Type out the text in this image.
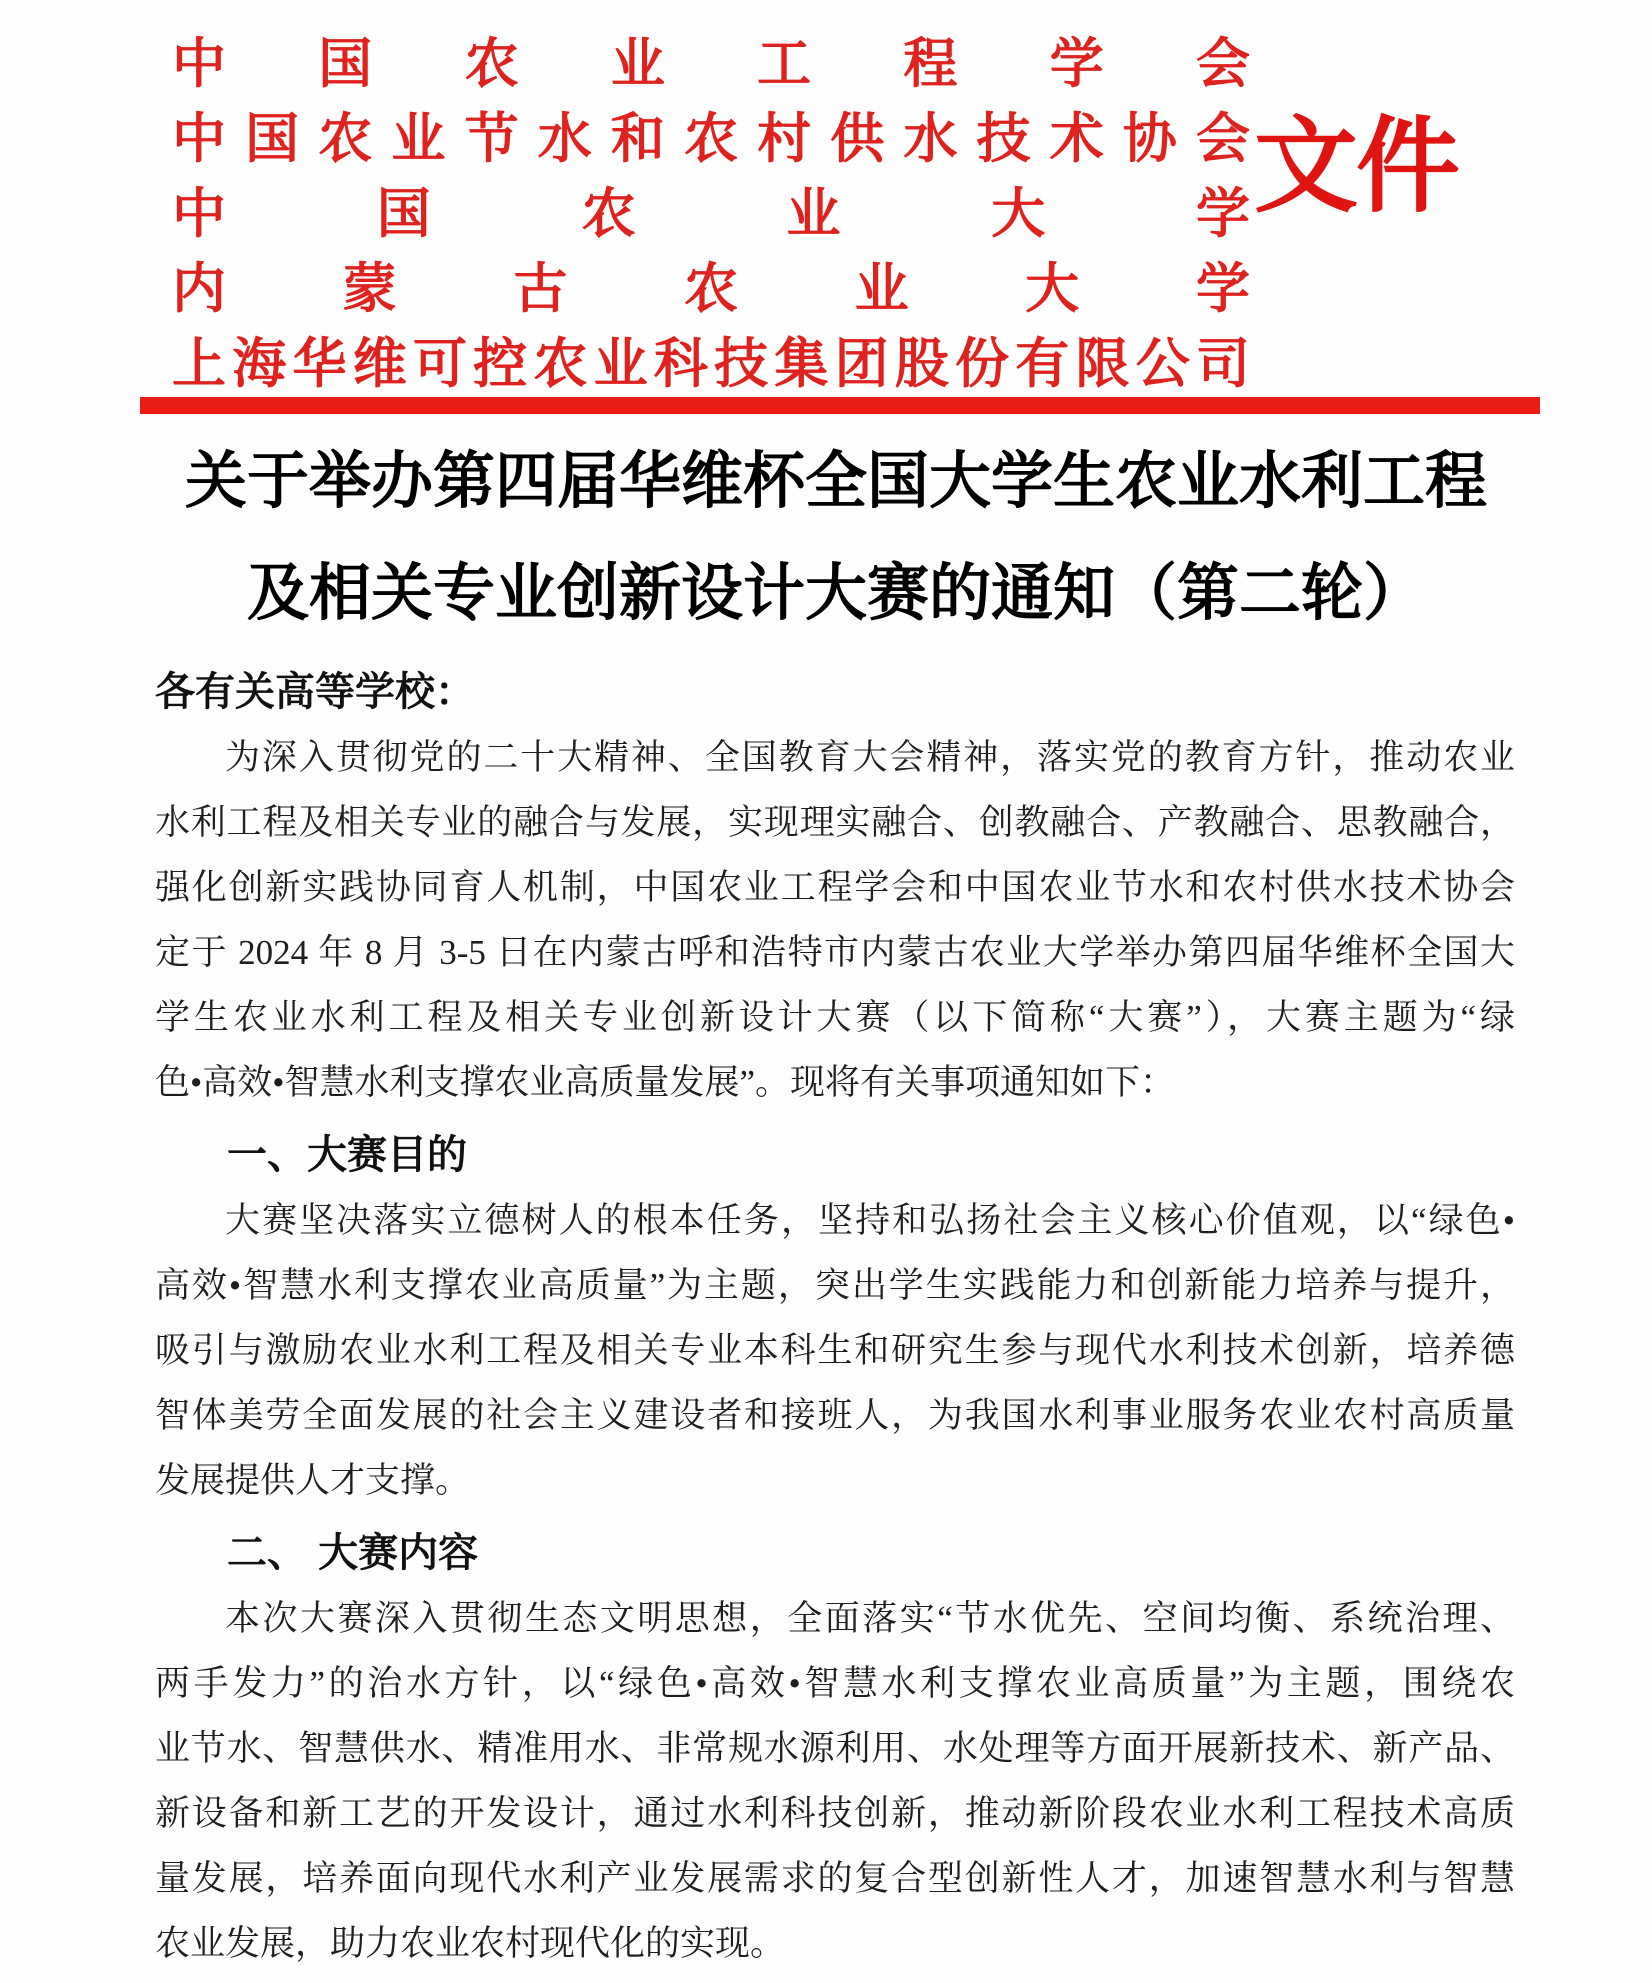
中 国 农 业 工 程 学 会
中 国 农 业 节 水 和 农 村 供 水 技 术 协 会
中	国	农	业	大	学
内 蒙 古 农 业 大 学
上 海 华 维 可 控 农 业 科 技 集 团 股 份 有 限 公 司
文件
关于举办第四届华维杯全国大学生农业水利工程
及相关专业创新设计大赛的通知（第二轮）

各有关高等学校：

为深入贯彻党的二十大精神、全国教育大会精神，落实党的教育方针，推动农业
水利工程及相关专业的融合与发展，实现理实融合、创教融合、产教融合、思教融合，
强化创新实践协同育人机制，中国农业工程学会和中国农业节水和农村供水技术协会
定于 2024 年 8 月 3-5 日在内蒙古呼和浩特市内蒙古农业大学举办第四届华维杯全国大
学生农业水利工程及相关专业创新设计大赛（以下简称“大赛”），大赛主题为“绿
色•高效•智慧水利支撑农业高质量发展”。现将有关事项通知如下：
一、大赛目的
大赛坚决落实立德树人的根本任务，坚持和弘扬社会主义核心价值观，以“绿色•
高效•智慧水利支撑农业高质量”为主题，突出学生实践能力和创新能力培养与提升，
吸引与激励农业水利工程及相关专业本科生和研究生参与现代水利技术创新，培养德
智体美劳全面发展的社会主义建设者和接班人，为我国水利事业服务农业农村高质量
发展提供人才支撑。
二、 大赛内容
本次大赛深入贯彻生态文明思想，全面落实“节水优先、空间均衡、系统治理、
两手发力”的治水方针，以“绿色•高效•智慧水利支撑农业高质量”为主题，围绕农
业节水、智慧供水、精准用水、非常规水源利用、水处理等方面开展新技术、新产品、
新设备和新工艺的开发设计，通过水利科技创新，推动新阶段农业水利工程技术高质
量发展，培养面向现代水利产业发展需求的复合型创新性人才，加速智慧水利与智慧
农业发展，助力农业农村现代化的实现。
